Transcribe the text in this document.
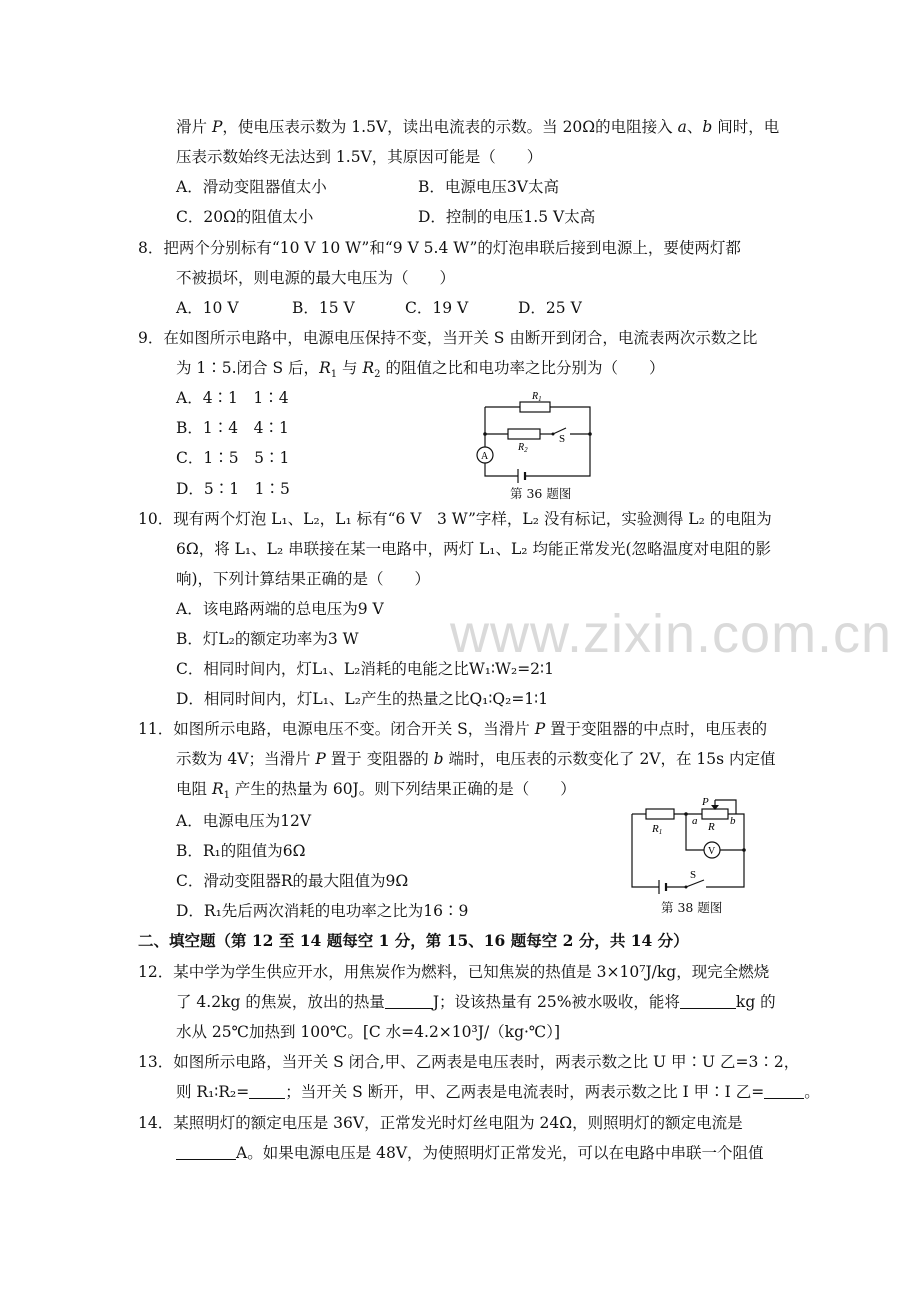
www.zixin.com.cn
滑片 P，使电压表示数为 1.5V，读出电流表的示数。当 20Ω的电阻接入 a、b 间时，电
压表示数始终无法达到 1.5V，其原因可能是（　　）
A．滑动变阻器值太小	B．电源电压3V太高
C．20Ω的阻值太小	D．控制的电压1.5 V太高
8．把两个分别标有“10 V 10 W”和“9 V 5.4 W”的灯泡串联后接到电源上，要使两灯都
不被损坏，则电源的最大电压为（　　）
A．10 V	B．15 V	C．19 V	D．25 V
9．在如图所示电路中，电源电压保持不变，当开关 S 由断开到闭合，电流表两次示数之比
为 1∶5.闭合 S 后，$R_1$ 与 $R_2$ 的阻值之比和电功率之比分别为（　　）
A．4∶1　1∶4
B．1∶4　4∶1
C．1∶5　5∶1
D．5∶1　1∶5
$R_1$
$R_2$
S
A
第 36 题图
10．现有两个灯泡 L₁、L₂，L₁ 标有“6 V　3 W”字样，L₂ 没有标记，实验测得 L₂ 的电阻为
6Ω，将 L₁、L₂ 串联接在某一电路中，两灯 L₁、L₂ 均能正常发光(忽略温度对电阻的影
响)，下列计算结果正确的是（　　）
A．该电路两端的总电压为9 V
B．灯L₂的额定功率为3 W
C．相同时间内，灯L₁、L₂消耗的电能之比W₁∶W₂=2∶1
D．相同时间内，灯L₁、L₂产生的热量之比Q₁∶Q₂=1∶1
11．如图所示电路，电源电压不变。闭合开关 S，当滑片 P 置于变阻器的中点时，电压表的
示数为 4V；当滑片 P 置于 变阻器的 b 端时，电压表的示数变化了 2V，在 15s 内定值
电阻 $R_1$ 产生的热量为 60J。则下列结果正确的是（　　）
A．电源电压为12V
B．R₁的阻值为6Ω
C．滑动变阻器R的最大阻值为9Ω
D．R₁先后两次消耗的电功率之比为16∶9
P
a	b
R
R1
V
S
第 38 题图
二、填空题（第 12 至 14 题每空 1 分，第 15、16 题每空 2 分，共 14 分）
12．某中学为学生供应开水，用焦炭作为燃料，已知焦炭的热值是 3×10⁷J/kg，现完全燃烧
了 4.2kg 的焦炭，放出的热量	J；设该热量有 25%被水吸收，能将	kg 的
水从 25℃加热到 100℃。[C 水=4.2×10³J/（kg·℃）]
13．如图所示电路，当开关 S 闭合,甲、乙两表是电压表时，两表示数之比 U 甲∶U 乙=3∶2，
则 R₁∶R₂= ；当开关 S 断开，甲、乙两表是电流表时，两表示数之比 I 甲∶I 乙=	。
14．某照明灯的额定电压是 36V，正常发光时灯丝电阻为 24Ω，则照明灯的额定电流是
A。如果电源电压是 48V，为使照明灯正常发光，可以在电路中串联一个阻值
